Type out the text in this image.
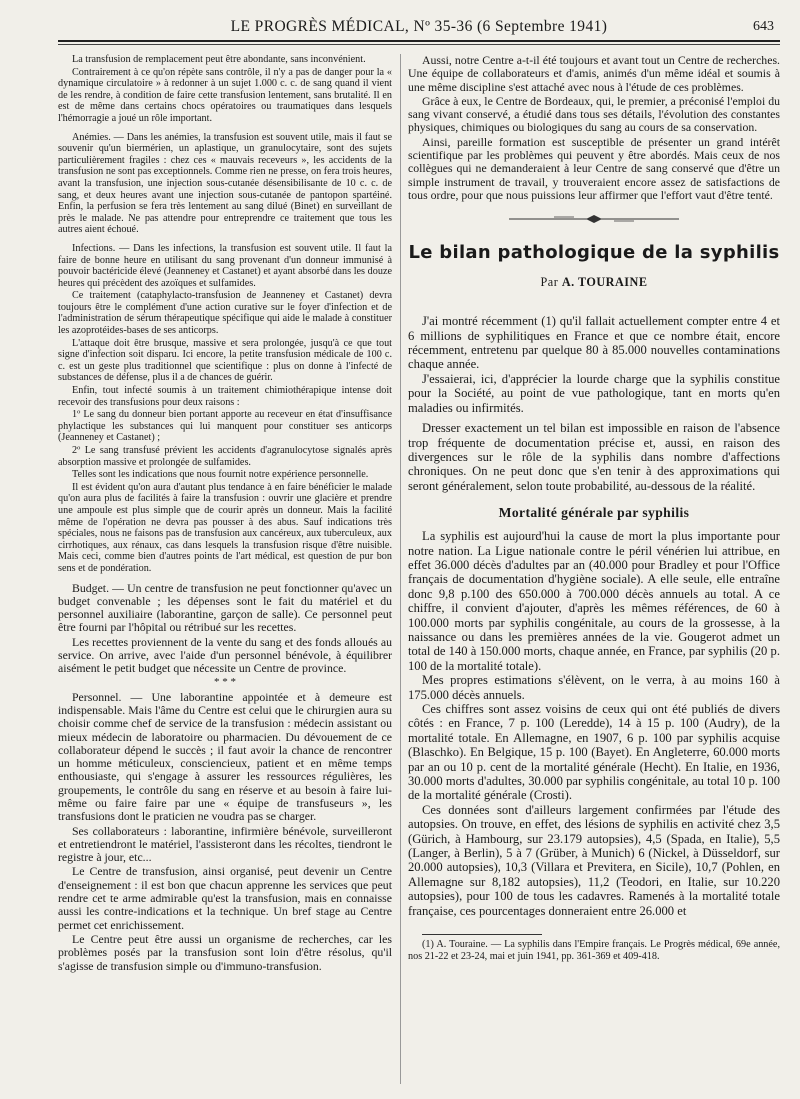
LE PROGRÈS MÉDICAL, Nº 35-36 (6 Septembre 1941)	643

La transfusion de remplacement peut être abondante, sans inconvénient.

Contrairement à ce qu'on répète sans contrôle, il n'y a pas de danger pour la « dynamique circulatoire » à redonner à un sujet 1.000 c. c. de sang quand il vient de les rendre, à condition de faire cette transfusion lentement, sans brutalité. Il en est de même dans certains chocs opératoires ou traumatiques dans lesquels l'hémorragie a joué un rôle important.

Anémies. — Dans les anémies, la transfusion est souvent utile, mais il faut se souvenir qu'un biermérien, un aplastique, un granulocytaire, sont des sujets particulièrement fragiles : chez ces « mauvais receveurs », les accidents de la transfusion ne sont pas exceptionnels. Comme rien ne presse, on fera trois heures, avant la transfusion, une injection sous-cutanée désensibilisante de 10 c. c. de sang, et deux heures avant une injection sous-cutanée de pantopon spartéiné. Enfin, la perfusion se fera très lentement au sang dilué (Binet) en surveillant de près le malade. Ne pas attendre pour entreprendre ce traitement que tous les autres aient échoué.

Infections. — Dans les infections, la transfusion est souvent utile. Il faut la faire de bonne heure en utilisant du sang provenant d'un donneur immunisé à pouvoir bactéricide élevé (Jeanneney et Castanet) et ayant absorbé dans les douze heures qui précèdent des azoïques et sulfamides.

Ce traitement (cataphylacto-transfusion de Jeanneney et Castanet) devra toujours être le complément d'une action curative sur le foyer d'infection et de l'administration de sérum thérapeutique spécifique qui aide le malade à constituer les azoprotéides-bases de ses anticorps.

L'attaque doit être brusque, massive et sera prolongée, jusqu'à ce que tout signe d'infection soit disparu. Ici encore, la petite transfusion médicale de 100 c. c. est un geste plus traditionnel que scientifique : plus on donne à l'infecté de substances de défense, plus il a de chances de guérir.

Enfin, tout infecté soumis à un traitement chimiothérapique intense doit recevoir des transfusions pour deux raisons :

1º Le sang du donneur bien portant apporte au receveur en état d'insuffisance phylactique les substances qui lui manquent pour constituer ses anticorps (Jeanneney et Castanet) ;

2º Le sang transfusé prévient les accidents d'agranulocytose signalés après absorption massive et prolongée de sulfamides.

Telles sont les indications que nous fournit notre expérience personnelle.

Il est évident qu'on aura d'autant plus tendance à en faire bénéficier le malade qu'on aura plus de facilités à faire la transfusion : ouvrir une glacière et prendre une ampoule est plus simple que de courir après un donneur. Mais la facilité même de l'opération ne devra pas pousser à des abus. Sauf indications très spéciales, nous ne faisons pas de transfusion aux cancéreux, aux tuberculeux, aux cirrhotiques, aux rénaux, cas dans lesquels la transfusion risque d'être nuisible. Mais ceci, comme bien d'autres points de l'art médical, est question de pur bon sens et de pondération.

Budget. — Un centre de transfusion ne peut fonctionner qu'avec un budget convenable ; les dépenses sont le fait du matériel et du personnel auxiliaire (laborantine, garçon de salle). Ce personnel peut être fourni par l'hôpital ou rétribué sur les recettes.

Les recettes proviennent de la vente du sang et des fonds alloués au service. On arrive, avec l'aide d'un personnel bénévole, à équilibrer aisément le petit budget que nécessite un Centre de province.

* * *

Personnel. — Une laborantine appointée et à demeure est indispensable. Mais l'âme du Centre est celui que le chirurgien aura su choisir comme chef de service de la transfusion : médecin assistant ou mieux médecin de laboratoire ou pharmacien. Du dévouement de ce collaborateur dépend le succès ; il faut avoir la chance de rencontrer un homme méticuleux, consciencieux, patient et en même temps enthousiaste, qui s'engage à assurer les ressources régulières, les groupements, le contrôle du sang en réserve et au besoin à faire lui-même ou faire faire par une « équipe de transfuseurs », les transfusions dont le praticien ne voudra pas se charger.

Ses collaborateurs : laborantine, infirmière bénévole, surveilleront et entretiendront le matériel, l'assisteront dans les récoltes, tiendront le registre à jour, etc...

Le Centre de transfusion, ainsi organisé, peut devenir un Centre d'enseignement : il est bon que chacun apprenne les services que peut rendre cet te arme admirable qu'est la transfusion, mais en connaisse aussi les contre-indications et la technique. Un bref stage au Centre permet cet enrichissement.

Le Centre peut être aussi un organisme de recherches, car les problèmes posés par la transfusion sont loin d'être résolus, qu'il s'agisse de transfusion simple ou d'immuno-transfusion.

Aussi, notre Centre a-t-il été toujours et avant tout un Centre de recherches. Une équipe de collaborateurs et d'amis, animés d'un même idéal et soumis à une même discipline s'est attaché avec nous à l'étude de ces problèmes.

Grâce à eux, le Centre de Bordeaux, qui, le premier, a préconisé l'emploi du sang vivant conservé, a étudié dans tous ses détails, l'évolution des constantes physiques, chimiques ou biologiques du sang au cours de sa conservation.

Ainsi, pareille formation est susceptible de présenter un grand intérêt scientifique par les problèmes qui peuvent y être abordés. Mais ceux de nos collègues qui ne demanderaient à leur Centre de sang conservé que d'être un simple instrument de travail, y trouveraient encore assez de satisfactions de tous ordre, pour que nous puissions leur affirmer que l'effort vaut d'être tenté.

Le bilan pathologique de la syphilis
Par A. TOURAINE

J'ai montré récemment (1) qu'il fallait actuellement compter entre 4 et 6 millions de syphilitiques en France et que ce nombre était, encore récemment, entretenu par quelque 80 à 85.000 nouvelles contaminations chaque année.

J'essaierai, ici, d'apprécier la lourde charge que la syphilis constitue pour la Société, au point de vue pathologique, tant en morts qu'en maladies ou infirmités.

Dresser exactement un tel bilan est impossible en raison de l'absence trop fréquente de documentation précise et, aussi, en raison des divergences sur le rôle de la syphilis dans nombre d'affections chroniques. On ne peut donc que s'en tenir à des approximations qui seront généralement, selon toute probabilité, au-dessous de la réalité.

Mortalité générale par syphilis

La syphilis est aujourd'hui la cause de mort la plus importante pour notre nation. La Ligue nationale contre le péril vénérien lui attribue, en effet 36.000 décès d'adultes par an (40.000 pour Bradley et pour l'Office français de documentation d'hygiène sociale). A elle seule, elle entraîne donc 9,8 p.100 des 650.000 à 700.000 décès annuels au total. A ce chiffre, il convient d'ajouter, d'après les mêmes références, de 60 à 100.000 morts par syphilis congénitale, au cours de la grossesse, à la naissance ou dans les premières années de la vie. Gougerot admet un total de 140 à 150.000 morts, chaque année, en France, par syphilis (20 p. 100 de la mortalité totale).

Mes propres estimations s'élèvent, on le verra, à au moins 160 à 175.000 décès annuels.

Ces chiffres sont assez voisins de ceux qui ont été publiés de divers côtés : en France, 7 p. 100 (Leredde), 14 à 15 p. 100 (Audry), de la mortalité totale. En Allemagne, en 1907, 6 p. 100 par syphilis acquise (Blaschko). En Belgique, 15 p. 100 (Bayet). En Angleterre, 60.000 morts par an ou 10 p. cent de la mortalité générale (Hecht). En Italie, en 1936, 30.000 morts d'adultes, 30.000 par syphilis congénitale, au total 10 p. 100 de la mortalité générale (Crosti).

Ces données sont d'ailleurs largement confirmées par l'étude des autopsies. On trouve, en effet, des lésions de syphilis en activité chez 3,5 (Gürich, à Hambourg, sur 23.179 autopsies), 4,5 (Spada, en Italie), 5,5 (Langer, à Berlin), 5 à 7 (Grüber, à Munich) 6 (Nickel, à Düsseldorf, sur 20.000 autopsies), 10,3 (Villara et Previtera, en Sicile), 10,7 (Pohlen, en Allemagne sur 8,182 autopsies), 11,2 (Teodori, en Italie, sur 10.220 autopsies), pour 100 de tous les cadavres. Ramenés à la mortalité totale française, ces pourcentages donneraient entre 26.000 et

(1) A. Touraine. — La syphilis dans l'Empire français. Le Progrès médical, 69e année, nos 21-22 et 23-24, mai et juin 1941, pp. 361-369 et 409-418.
